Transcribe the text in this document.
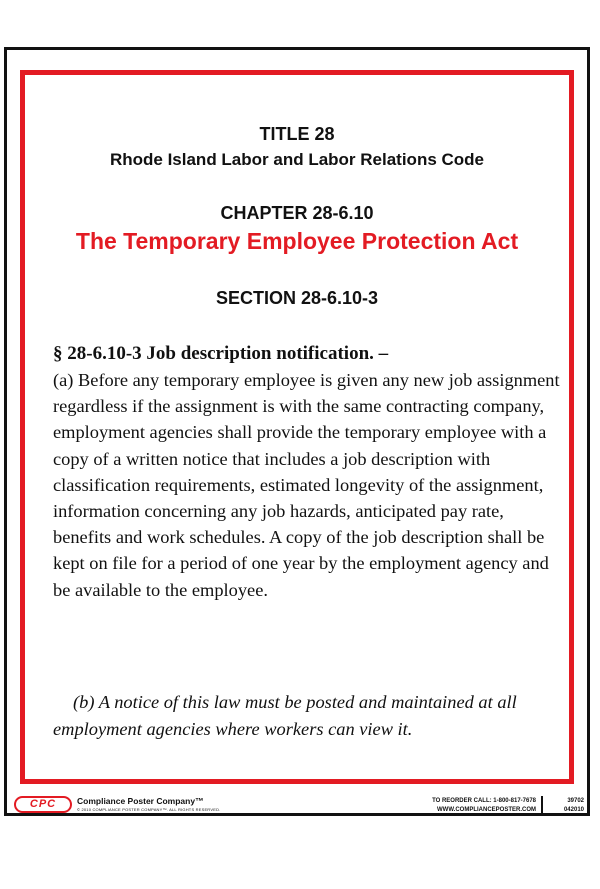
TITLE 28
Rhode Island Labor and Labor Relations Code
CHAPTER 28-6.10
The Temporary Employee Protection Act
SECTION 28-6.10-3
§ 28-6.10-3 Job description notification. –
(a) Before any temporary employee is given any new job assignment regardless if the assignment is with the same contracting company, employment agencies shall provide the temporary employee with a copy of a written notice that includes a job description with classification requirements, estimated longevity of the assignment, information concerning any job hazards, anticipated pay rate, benefits and work schedules. A copy of the job description shall be kept on file for a period of one year by the employment agency and be available to the employee.
(b) A notice of this law must be posted and maintained at all employment agencies where workers can view it.
CPC	Compliance Poster Company™
© 2010 COMPLIANCE POSTER COMPANY™. ALL RIGHTS RESERVED.
TO REORDER CALL: 1-800-817-7678
WWW.COMPLIANCEPOSTER.COM
39702
042010
